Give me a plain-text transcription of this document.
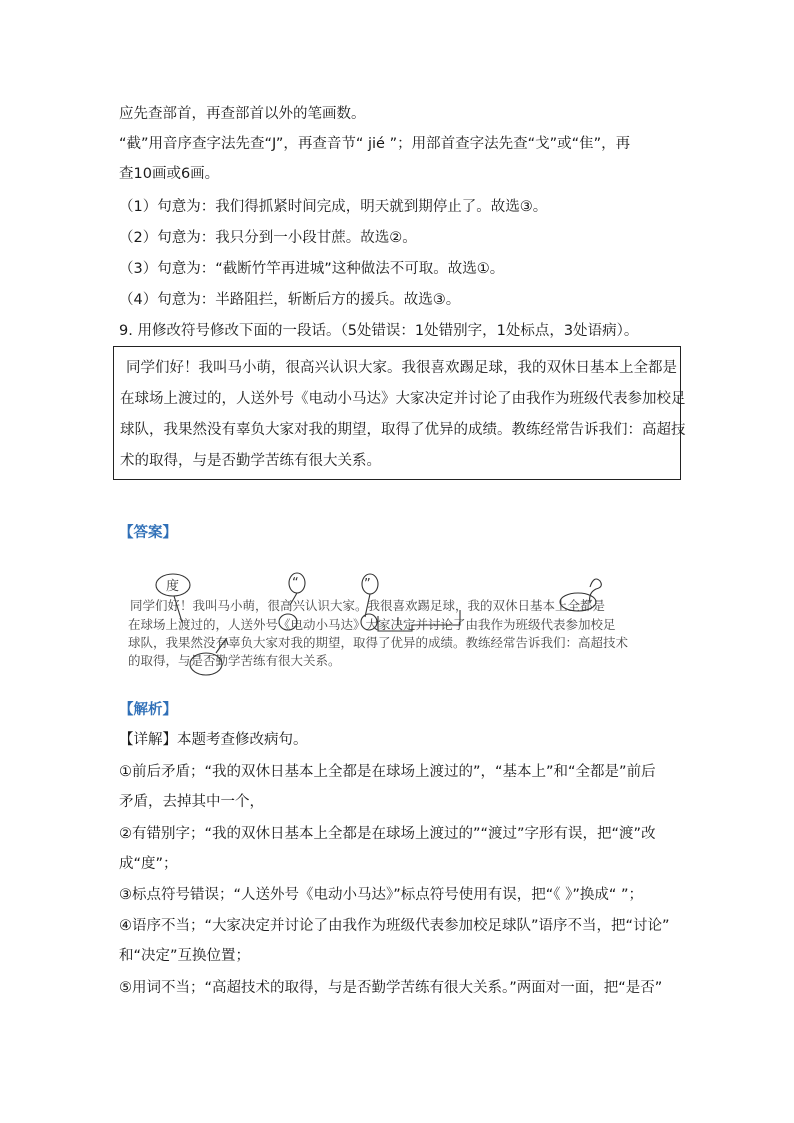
应先查部首，再查部首以外的笔画数。
“截”用音序查字法先查“J”，再查音节“ jié ”；用部首查字法先查“戈”或“隹”，再
查10画或6画。
（1）句意为：我们得抓紧时间完成，明天就到期停止了。故选③。
（2）句意为：我只分到一小段甘蔗。故选②。
（3）句意为：“截断竹竿再进城”这种做法不可取。故选①。
（4）句意为：半路阻拦，斩断后方的援兵。故选③。
9. 用修改符号修改下面的一段话。（5处错误：1处错别字，1处标点，3处语病）。
同学们好！我叫马小萌，很高兴认识大家。我很喜欢踢足球，我的双休日基本上全都是
在球场上渡过的，人送外号《电动小马达》大家决定并讨论了由我作为班级代表参加校足
球队，我果然没有辜负大家对我的期望，取得了优异的成绩。教练经常告诉我们：高超技
术的取得，与是否勤学苦练有很大关系。
【答案】
同学们好！我叫马小萌，很高兴认识大家。我很喜欢踢足球，我的双休日基本上全都是
在球场上渡过的，人送外号《电动小马达》大家决定并讨论了由我作为班级代表参加校足
球队，我果然没有辜负大家对我的期望，取得了优异的成绩。教练经常告诉我们：高超技术
的取得，与是否勤学苦练有很大关系。
度	“	”
【解析】
【详解】本题考查修改病句。
①前后矛盾；“我的双休日基本上全都是在球场上渡过的”，“基本上”和“全都是”前后
矛盾，去掉其中一个，
②有错别字；“我的双休日基本上全都是在球场上渡过的”“渡过”字形有误，把“渡”改
成“度”；
③标点符号错误；“人送外号《电动小马达》”标点符号使用有误，把“《 》”换成“ ”；
④语序不当；“大家决定并讨论了由我作为班级代表参加校足球队”语序不当，把“讨论”
和“决定”互换位置；
⑤用词不当；“高超技术的取得，与是否勤学苦练有很大关系。”两面对一面，把“是否”
